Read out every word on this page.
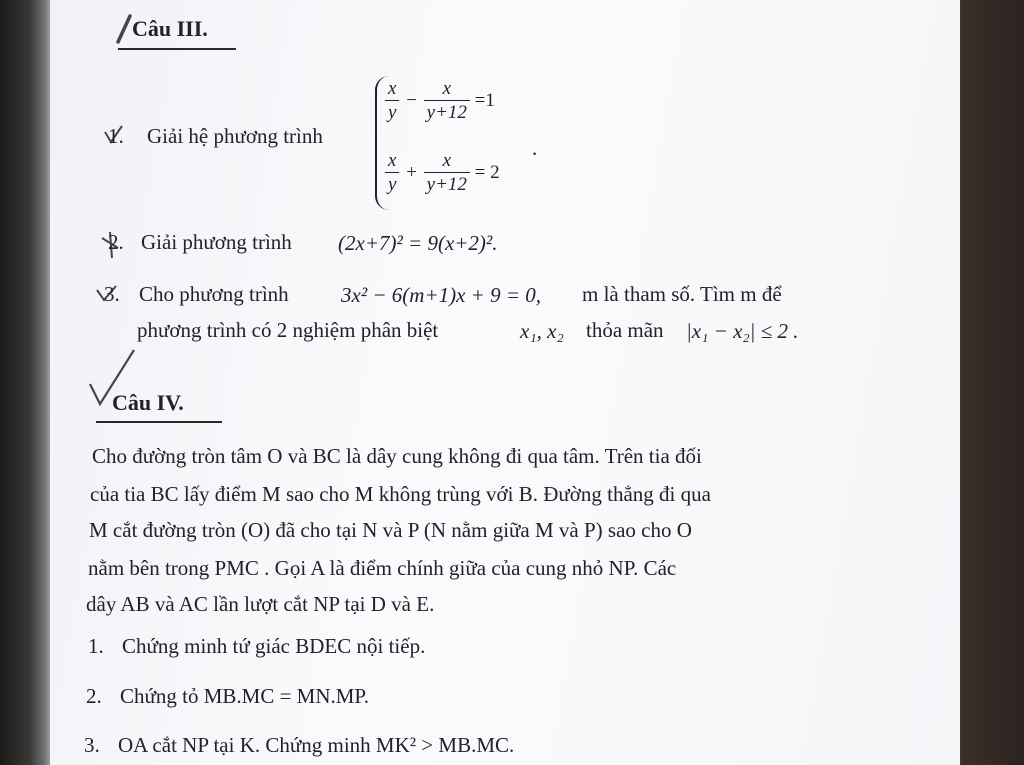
Câu III.
1. Giải hệ phương trình
$\frac{x}{y} - \frac{x}{y+12} =1$
$\frac{x}{y} + \frac{x}{y+12} = 2$
.
2. Giải phương trình (2x+7)² = 9(x+2)².
3. Cho phương trình 3x² − 6(m+1)x + 9 = 0, m là tham số. Tìm m để
phương trình có 2 nghiệm phân biệt	x₁, x₂ thỏa mãn |x₁ − x₂| ≤ 2 .
Câu IV.
Cho đường tròn tâm O và BC là dây cung không đi qua tâm. Trên tia đối
của tia BC lấy điểm M sao cho M không trùng với B. Đường thẳng đi qua
M cắt đường tròn (O) đã cho tại N và P (N nằm giữa M và P) sao cho O
nằm bên trong PMC . Gọi A là điểm chính giữa của cung nhỏ NP. Các
dây AB và AC lần lượt cắt NP tại D và E.
1. Chứng minh tứ giác BDEC nội tiếp.
2. Chứng tỏ MB.MC = MN.MP.
3. OA cắt NP tại K. Chứng minh MK² > MB.MC.
